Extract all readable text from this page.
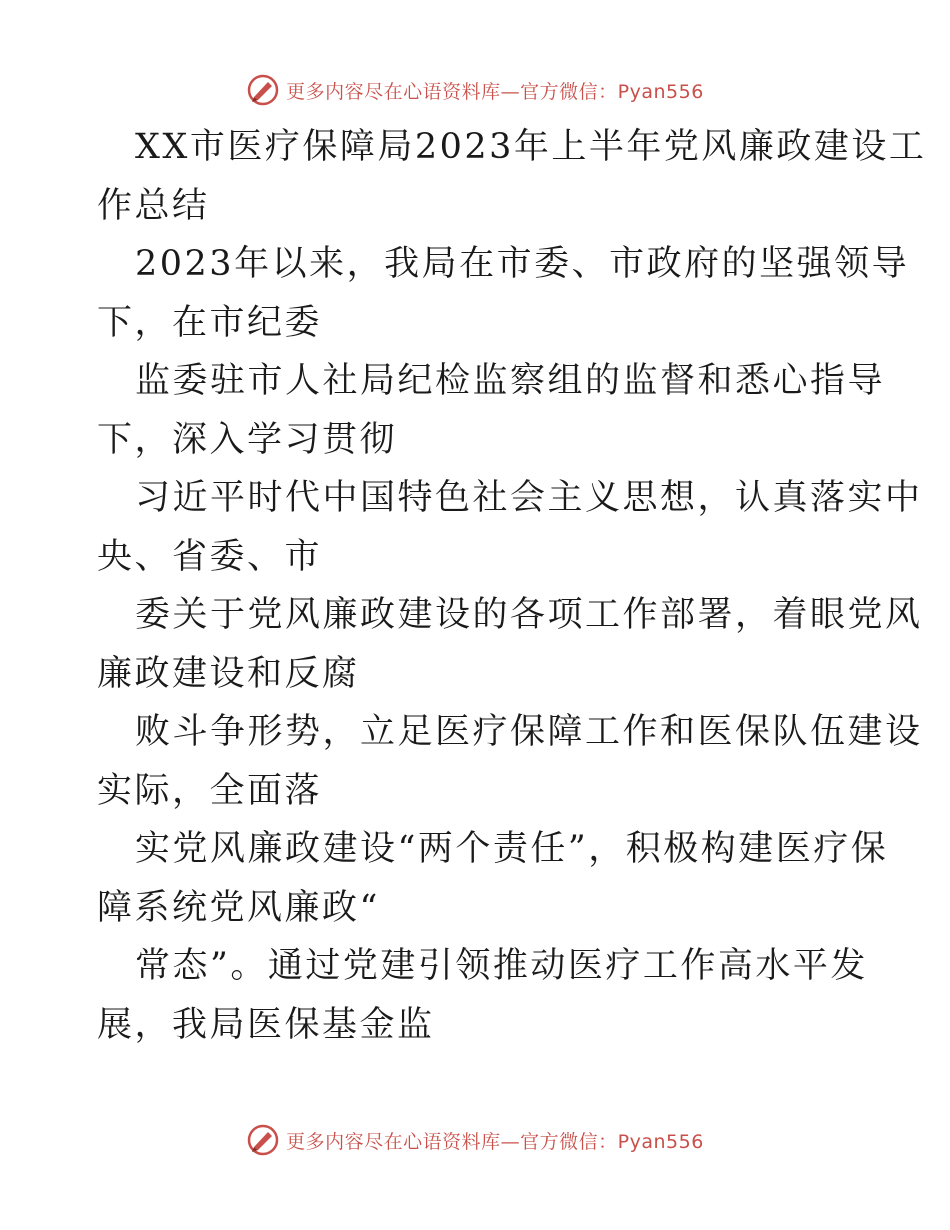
更多内容尽在心语资料库—官方微信：Pyan556

XX市医疗保障局2023年上半年党风廉政建设工
作总结

2023年以来，我局在市委、市政府的坚强领导
下，在市纪委

监委驻市人社局纪检监察组的监督和悉心指导
下，深入学习贯彻

习近平时代中国特色社会主义思想，认真落实中
央、省委、市

委关于党风廉政建设的各项工作部署，着眼党风
廉政建设和反腐

败斗争形势，立足医疗保障工作和医保队伍建设
实际，全面落

实党风廉政建设“两个责任”，积极构建医疗保
障系统党风廉政“

常态”。通过党建引领推动医疗工作高水平发
展，我局医保基金监

更多内容尽在心语资料库—官方微信：Pyan556
